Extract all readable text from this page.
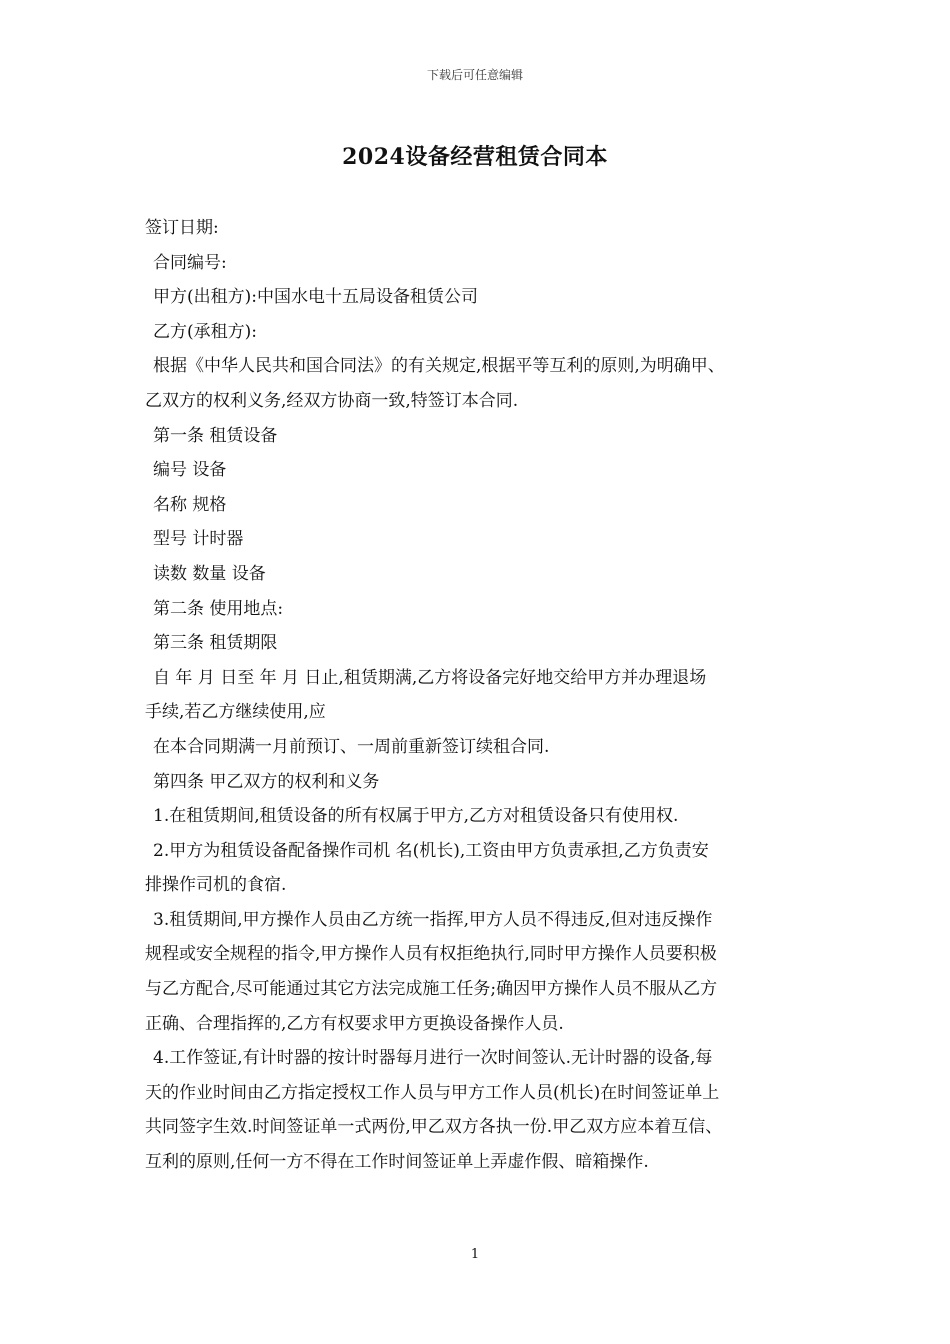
下载后可任意编辑
2024设备经营租赁合同本
签订日期:
合同编号:
甲方(出租方):中国水电十五局设备租赁公司
乙方(承租方):
根据《中华人民共和国合同法》的有关规定,根据平等互利的原则,为明确甲、
乙双方的权利义务,经双方协商一致,特签订本合同.
第一条 租赁设备
编号 设备
名称 规格
型号 计时器
读数 数量 设备
第二条 使用地点:
第三条 租赁期限
自 年 月 日至 年 月 日止,租赁期满,乙方将设备完好地交给甲方并办理退场
手续,若乙方继续使用,应
在本合同期满一月前预订、一周前重新签订续租合同.
第四条 甲乙双方的权利和义务
1.在租赁期间,租赁设备的所有权属于甲方,乙方对租赁设备只有使用权.
2.甲方为租赁设备配备操作司机 名(机长),工资由甲方负责承担,乙方负责安
排操作司机的食宿.
3.租赁期间,甲方操作人员由乙方统一指挥,甲方人员不得违反,但对违反操作
规程或安全规程的指令,甲方操作人员有权拒绝执行,同时甲方操作人员要积极
与乙方配合,尽可能通过其它方法完成施工任务;确因甲方操作人员不服从乙方
正确、合理指挥的,乙方有权要求甲方更换设备操作人员.
4.工作签证,有计时器的按计时器每月进行一次时间签认.无计时器的设备,每
天的作业时间由乙方指定授权工作人员与甲方工作人员(机长)在时间签证单上
共同签字生效.时间签证单一式两份,甲乙双方各执一份.甲乙双方应本着互信、
互利的原则,任何一方不得在工作时间签证单上弄虚作假、暗箱操作.
1
